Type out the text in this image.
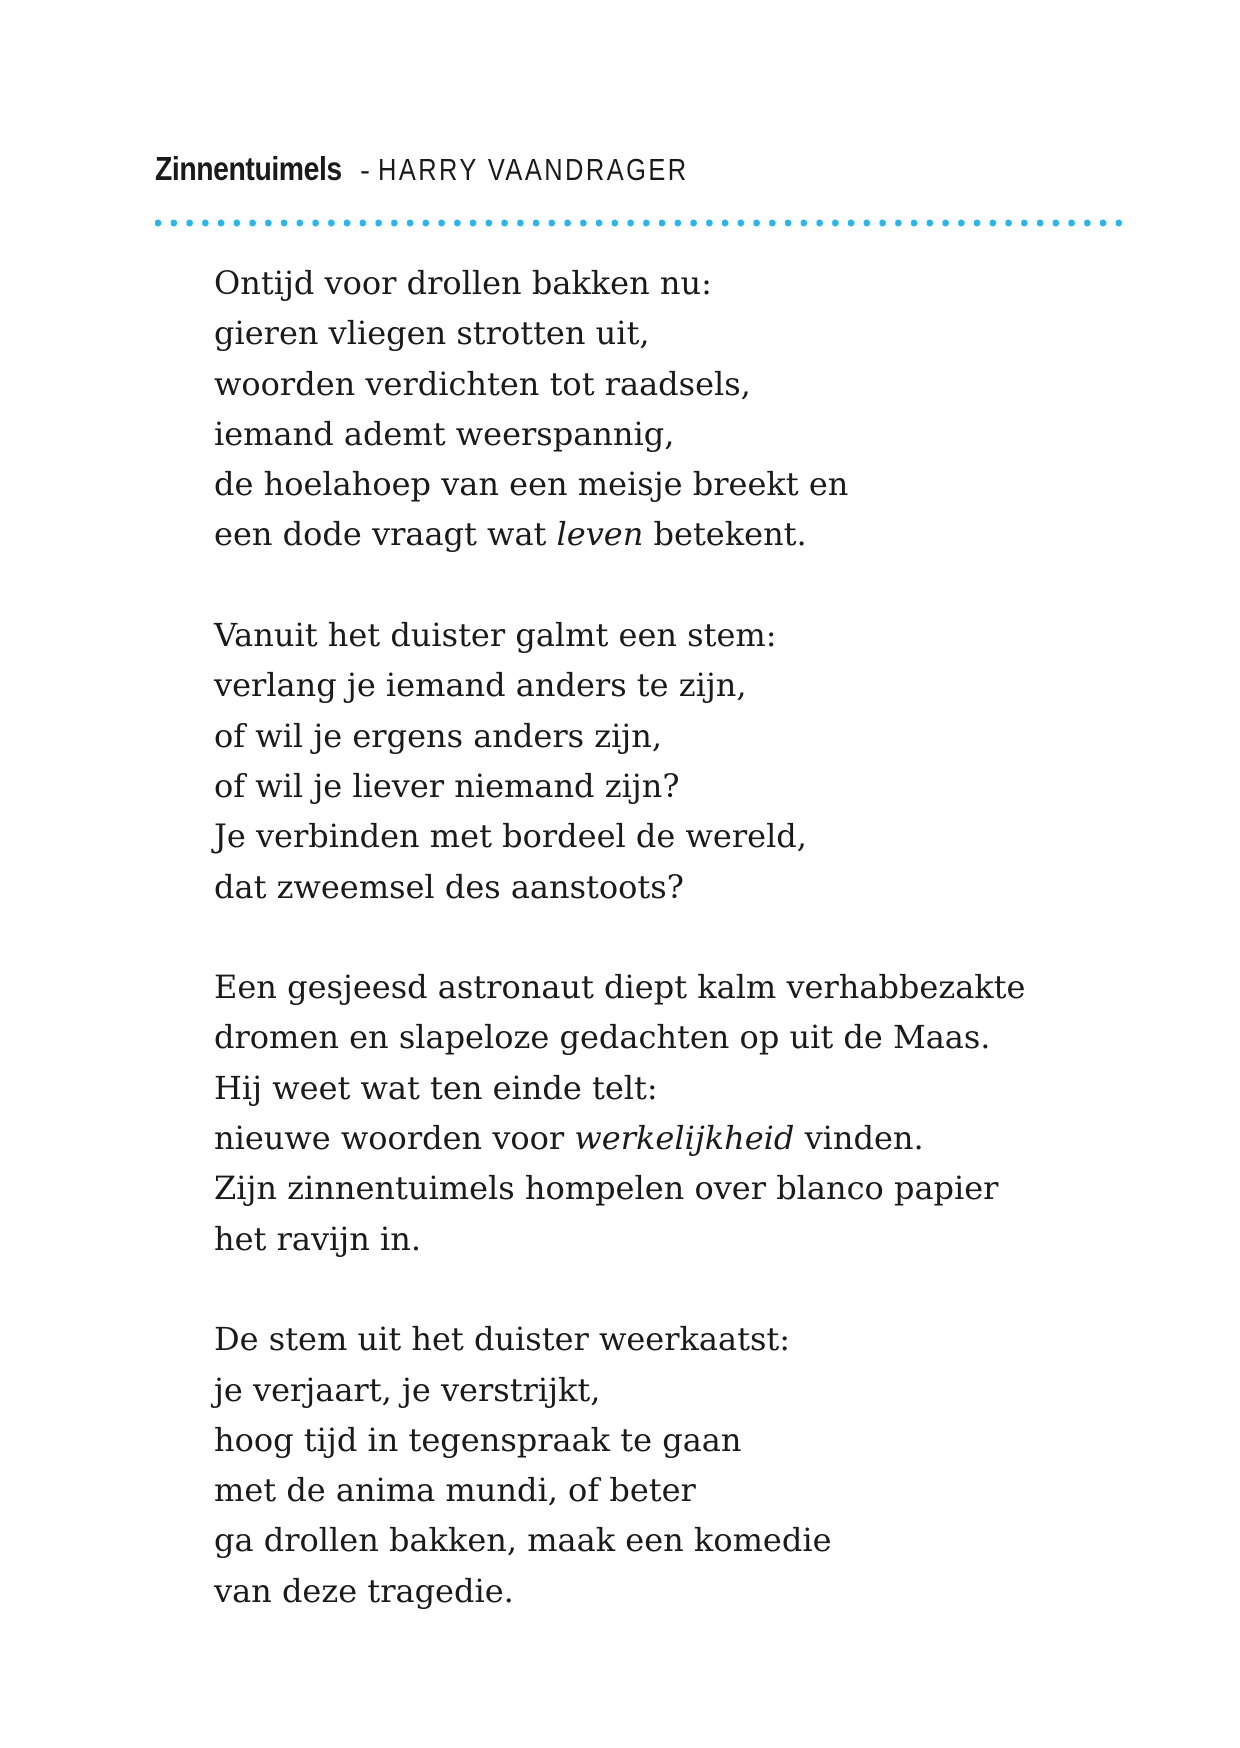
Zinnentuimels - HARRY VAANDRAGER
Ontijd voor drollen bakken nu:
gieren vliegen strotten uit,
woorden verdichten tot raadsels,
iemand ademt weerspannig,
de hoelahoep van een meisje breekt en
een dode vraagt wat leven betekent.
Vanuit het duister galmt een stem:
verlang je iemand anders te zijn,
of wil je ergens anders zijn,
of wil je liever niemand zijn?
Je verbinden met bordeel de wereld,
dat zweemsel des aanstoots?
Een gesjeesd astronaut diept kalm verhabbezakte
dromen en slapeloze gedachten op uit de Maas.
Hij weet wat ten einde telt:
nieuwe woorden voor werkelijkheid vinden.
Zijn zinnentuimels hompelen over blanco papier
het ravijn in.
De stem uit het duister weerkaatst:
je verjaart, je verstrijkt,
hoog tijd in tegenspraak te gaan
met de anima mundi, of beter
ga drollen bakken, maak een komedie
van deze tragedie.
